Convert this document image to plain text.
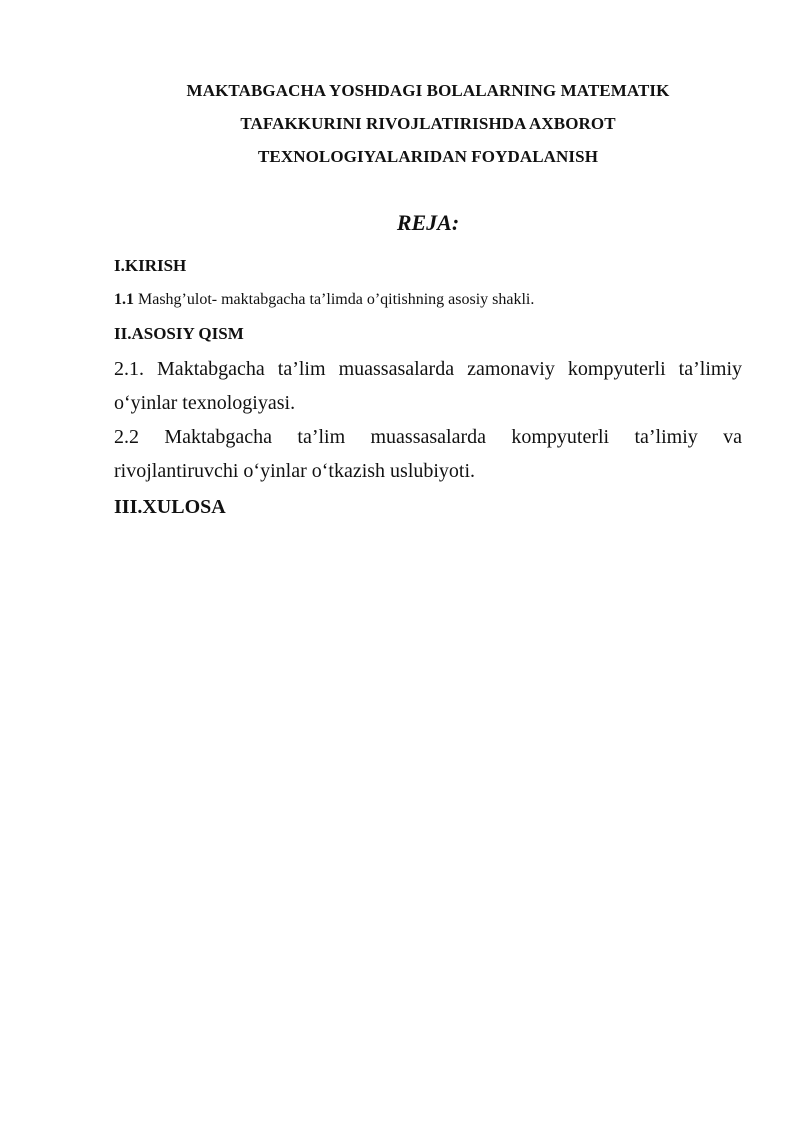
MAKTABGACHA YOSHDAGI BOLALARNING MATEMATIK
TAFAKKURINI RIVOJLATIRISHDA AXBOROT
TEXNOLOGIYALARIDAN FOYDALANISH
REJA:

I.KIRISH

1.1 Mashg’ulot- maktabgacha ta’limda o’qitishning asosiy shakli.

II.ASOSIY QISM

2.1. Maktabgacha ta’lim muassasalarda zamonaviy kompyuterli ta’limiy o‘yinlar texnologiyasi.

2.2 Maktabgacha ta’lim muassasalarda kompyuterli ta’limiy va rivojlantiruvchi o‘yinlar o‘tkazish uslubiyoti.

III.XULOSA
